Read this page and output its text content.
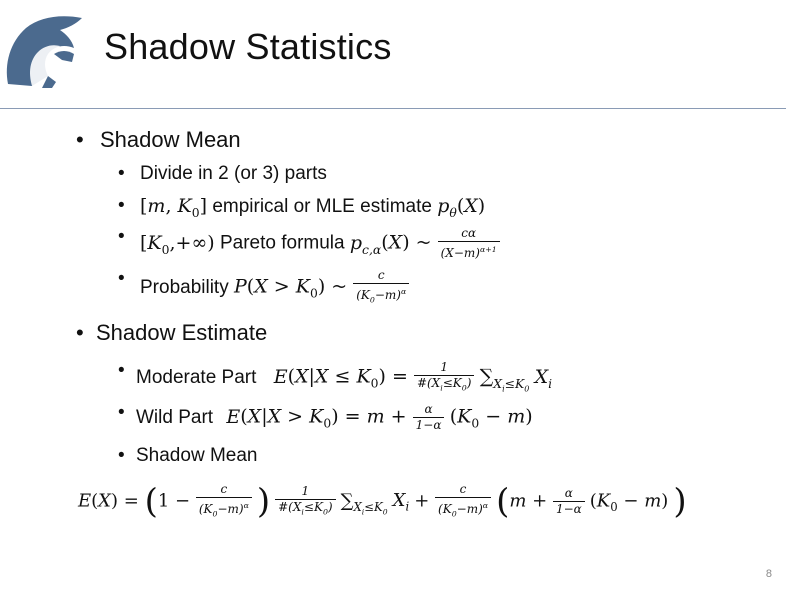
Shadow Statistics
• Shadow Mean
• Divide in 2 (or 3) parts
• [m, $K_0$] empirical or MLE estimate $p_\theta(X)$
• $[K_0,+\infty)$ Pareto formula $p_{c,\alpha}(X)$ ~ $\frac{c\alpha}{(X-m)^{\alpha+1}}$
• Probability $P(X > K_0)$ ~ $\frac{c}{(K_0-m)^\alpha}$
• Shadow Estimate
• Moderate Part $E(X|X \le K_0) = \frac{1}{\#(X_i\le K_0)} \sum_{X_i\le K_0}$ $X_i$
• Wild Part $E(X|X > K_0) = m + \frac{\alpha}{1-\alpha} (K_0 - m)$
• Shadow Mean
$E(X) = (1 - \frac{c}{(K_0-m)^\alpha}$ ) $\frac{1}{\#(X_i\le K_0)} \sum_{X_i\le K_0}$ $X_i + \frac{c}{(K_0-m)^\alpha} (m + \frac{\alpha}{1-\alpha} (K_0 - m)$ )
8
